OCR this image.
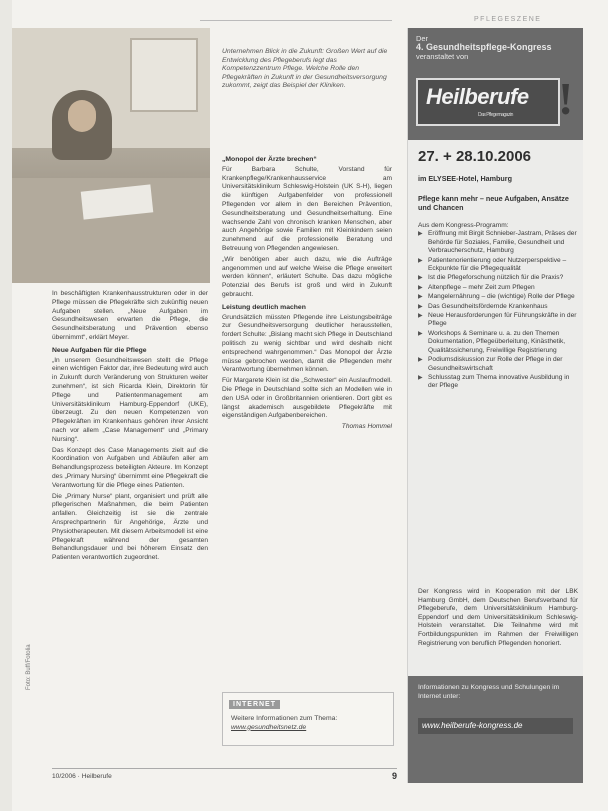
PFLEGESZENE

Unternehmen Blick in die Zukunft: Großen Wert auf die Entwicklung des Pflegeberufs legt das Kompetenzzentrum Pflege. Welche Rolle den Pflegekräften in Zukunft in der Gesundheitsversorgung zukommt, zeigt das Beispiel der Kliniken.

In beschäftigten Krankenhausstrukturen oder in der Pflege müssen die Pflegekräfte sich zukünftig neuen Aufgaben stellen. „Neue Aufgaben im Gesundheitswesen erwarten die Pflege, die Gesundheitsberatung und Prävention ebenso übernimmt“, erklärt Meyer.

Neue Aufgaben für die Pflege

„In unserem Gesundheitswesen stellt die Pflege einen wichtigen Faktor dar, ihre Bedeutung wird auch in Zukunft durch Veränderung von Strukturen weiter zunehmen“, ist sich Ricarda Klein, Direktorin für Pflege und Patientenmanagement am Universitätsklinikum Hamburg-Eppendorf (UKE), überzeugt. Zu den neuen Kompetenzen von Pflegekräften im Krankenhaus gehören ihrer Ansicht nach vor allem „Case Management“ und „Primary Nursing“.

Das Konzept des Case Managements zielt auf die Koordination von Aufgaben und Abläufen aller am Behandlungsprozess beteiligten Akteure. Im Konzept des „Primary Nursing“ übernimmt eine Pflegekraft die Verantwortung für die Pflege eines Patienten.

Die „Primary Nurse“ plant, organisiert und prüft alle pflegerischen Maßnahmen, die beim Patienten anfallen. Gleichzeitig ist sie die zentrale Ansprechpartnerin für Angehörige, Ärzte und Physiotherapeuten. Mit diesem Arbeitsmodell ist eine Pflegekraft während der gesamten Behandlungsdauer und bei höherem Einsatz den Patienten verantwortlich zugeordnet.

„Monopol der Ärzte brechen“

Für Barbara Schulte, Vorstand für Krankenpflege/Krankenhausservice am Universitätsklinikum Schleswig-Holstein (UK S-H), liegen die künftigen Aufgabenfelder von professionell Pflegenden vor allem in den Bereichen Prävention, Gesundheitsberatung und Gesundheitserhaltung. Eine wachsende Zahl von chronisch kranken Menschen, aber auch Angehörige sowie Familien mit Kleinkindern seien zunehmend auf die professionelle Beratung und Betreuung von Pflegenden angewiesen.

„Wir benötigen aber auch dazu, wie die Aufträge angenommen und auf welche Weise die Pflege erweitert werden können“, erläutert Schulte. Das dazu mögliche Potenzial des Berufs ist groß und wird in Zukunft gebraucht.

Leistung deutlich machen

Grundsätzlich müssten Pflegende ihre Leistungsbeiträge zur Gesundheitsversorgung deutlicher herausstellen, fordert Schulte: „Bislang macht sich Pflege in Deutschland politisch zu wenig sichtbar und wird deshalb nicht entsprechend wahrgenommen.“ Das Monopol der Ärzte müsse gebrochen werden, damit die Pflegenden mehr Verantwortung übernehmen können.

Für Margarete Klein ist die „Schwester“ ein Auslaufmodell. Die Pflege in Deutschland sollte sich an Modellen wie in den USA oder in Großbritannien orientieren. Dort gibt es längst akademisch ausgebildete Pflegekräfte mit eigenständigen Aufgabenbereichen.

Thomas Hommel
INTERNET
Weitere Informationen zum Thema:
www.gesundheitsnetz.de
Der
4. Gesundheitspflege-Kongress
veranstaltet von
Heilberufe
Das Pflegemagazin !
27. + 28.10.2006
im ELYSEE-Hotel, Hamburg
Pflege kann mehr – neue Aufgaben, Ansätze und Chancen
Aus dem Kongress-Programm:
▶ Eröffnung mit Birgit Schnieber-Jastram, Präses der Behörde für Soziales, Familie, Gesundheit und Verbraucherschutz, Hamburg
▶ Patientenorientierung oder Nutzerperspektive – Eckpunkte für die Pflegequalität
▶ Ist die Pflegeforschung nützlich für die Praxis?
▶ Altenpflege – mehr Zeit zum Pflegen
▶ Mangelernährung – die (wichtige) Rolle der Pflege
▶ Das Gesundheitsfördernde Krankenhaus
▶ Neue Herausforderungen für Führungskräfte in der Pflege
▶ Workshops & Seminare u. a. zu den Themen Dokumentation, Pflegeüberleitung, Kinästhetik, Qualitätssicherung, Freiwillige Registrierung
▶ Podiumsdiskussion zur Rolle der Pflege in der Gesundheitswirtschaft
▶ Schlusstag zum Thema innovative Ausbildung in der Pflege
Der Kongress wird in Kooperation mit der LBK Hamburg GmbH, dem Deutschen Berufsverband für Pflegeberufe, dem Universitätsklinikum Hamburg-Eppendorf und dem Universitätsklinikum Schleswig-Holstein veranstaltet. Die Teilnahme wird mit Fortbildungspunkten im Rahmen der Freiwilligen Registrierung von beruflich Pflegenden honoriert.
Informationen zu Kongress und Schulungen im Internet unter:
www.heilberufe-kongress.de
Foto: Buff/Fotolia
10/2006 · Heilberufe	9
